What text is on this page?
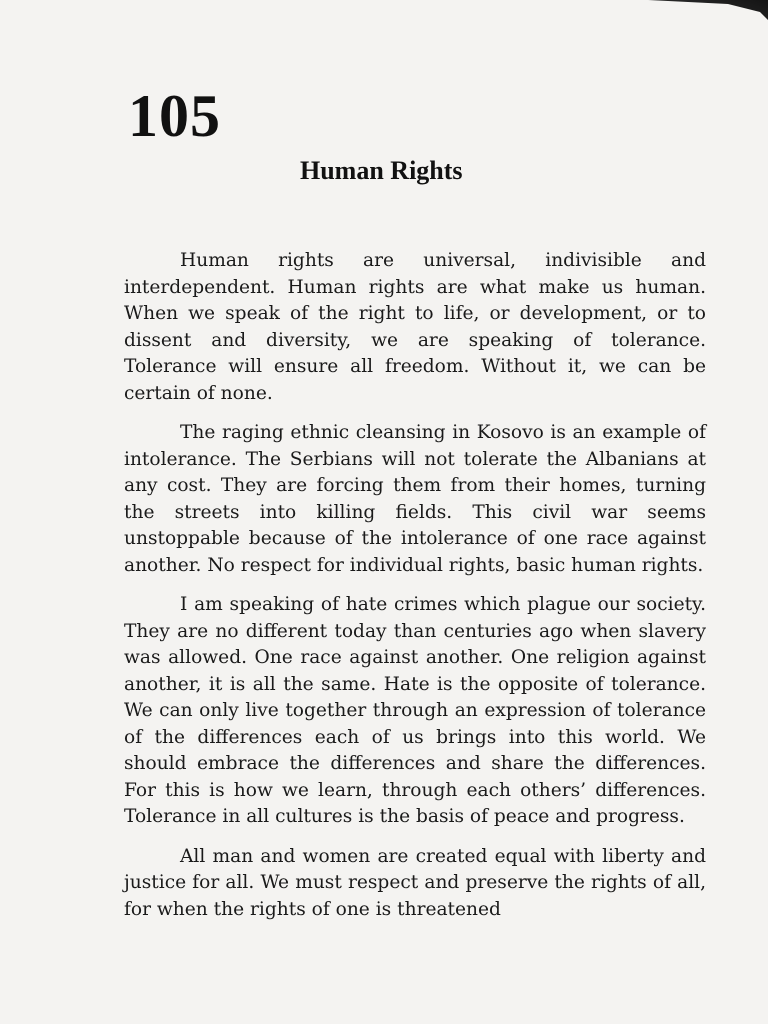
105
Human Rights

Human rights are universal, indivisible and interdependent. Human rights are what make us human. When we speak of the right to life, or development, or to dissent and diversity, we are speaking of tolerance. Tolerance will ensure all freedom. Without it, we can be certain of none.

The raging ethnic cleansing in Kosovo is an example of intolerance. The Serbians will not tolerate the Albanians at any cost. They are forcing them from their homes, turning the streets into killing fields. This civil war seems unstoppable because of the intolerance of one race against another. No respect for individual rights, basic human rights.

I am speaking of hate crimes which plague our society. They are no different today than centuries ago when slavery was allowed. One race against another. One religion against another, it is all the same. Hate is the opposite of tolerance. We can only live together through an expression of tolerance of the differences each of us brings into this world. We should embrace the differences and share the differences. For this is how we learn, through each others’ differences. Tolerance in all cultures is the basis of peace and progress.

All man and women are created equal with liberty and justice for all. We must respect and preserve the rights of all, for when the rights of one is threatened
